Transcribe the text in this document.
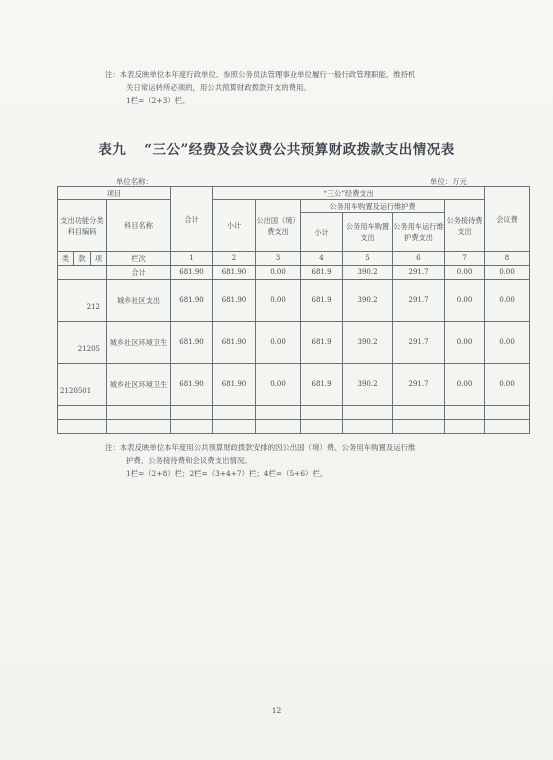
注：本表反映单位本年度行政单位、参照公务员法管理事业单位履行一般行政管理职能、维持机

关日常运转所必须的，用公共预算财政拨款开支的费用。

1栏=（2+3）栏。

表九 “三公”经费及会议费公共预算财政拨款支出情况表
单位名称：	单位：万元
项目				合计	“三公”经费支出						会议费
支出功能分类科目编码			科目名称		小计	公出国（境）费支出	公务用车购置及运行维护费			公务接待费支出	
							小计	公务用车购置支出	公务用车运行维护费支出		
类	款	项	栏次	1	2	3	4	5	6	7	8
			合计	681.90	681.90	0.00	681.9	390.2	291.7	0.00	0.00
212			城乡社区支出	681.90	681.90	0.00	681.9	390.2	291.7	0.00	0.00
21205			城乡社区环境卫生	681.90	681.90	0.00	681.9	390.2	291.7	0.00	0.00
2120501			城乡社区环境卫生	681.90	681.90	0.00	681.9	390.2	291.7	0.00	0.00

注：本表反映单位本年度用公共预算财政拨款安排的因公出国（境）费、公务用车购置及运行维

护费、公务接待费和会议费支出情况。

1栏=（2+8）栏；2栏=（3+4+7）栏；4栏=（5+6）栏。

12
